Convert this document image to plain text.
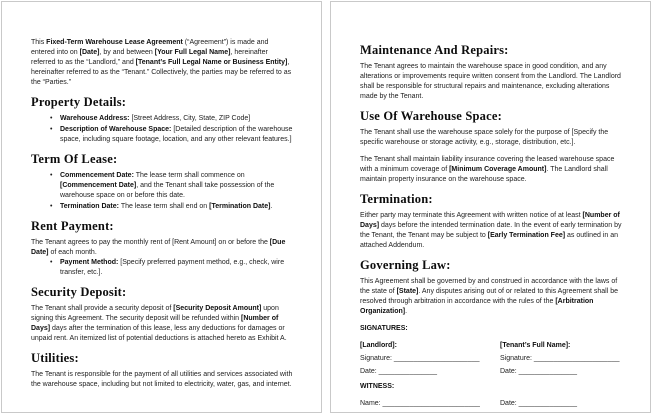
This Fixed-Term Warehouse Lease Agreement (“Agreement”) is made and entered into on [Date], by and between [Your Full Legal Name], hereinafter referred to as the “Landlord,” and [Tenant’s Full Legal Name or Business Entity], hereinafter referred to as the “Tenant.” Collectively, the parties may be referred to as the “Parties.”

Property Details:
•	Warehouse Address: [Street Address, City, State, ZIP Code]
•	Description of Warehouse Space: [Detailed description of the warehouse space, including square footage, location, and any other relevant features.]
Term Of Lease:
•	Commencement Date: The lease term shall commence on [Commencement Date], and the Tenant shall take possession of the warehouse space on or before this date.
•	Termination Date: The lease term shall end on [Termination Date].
Rent Payment:

The Tenant agrees to pay the monthly rent of [Rent Amount] on or before the [Due Date] of each month.

•	Payment Method: [Specify preferred payment method, e.g., check, wire transfer, etc.].
Security Deposit:

The Tenant shall provide a security deposit of [Security Deposit Amount] upon signing this Agreement. The security deposit will be refunded within [Number of Days] days after the termination of this lease, less any deductions for damages or unpaid rent. An itemized list of potential deductions is attached hereto as Exhibit A.

Utilities:

The Tenant is responsible for the payment of all utilities and services associated with the warehouse space, including but not limited to electricity, water, gas, and internet.

Maintenance And Repairs:

The Tenant agrees to maintain the warehouse space in good condition, and any alterations or improvements require written consent from the Landlord. The Landlord shall be responsible for structural repairs and maintenance, excluding alterations made by the Tenant.

Use Of Warehouse Space:

The Tenant shall use the warehouse space solely for the purpose of [Specify the specific warehouse or storage activity, e.g., storage, distribution, etc.].

The Tenant shall maintain liability insurance covering the leased warehouse space with a minimum coverage of [Minimum Coverage Amount]. The Landlord shall maintain property insurance on the warehouse space.

Termination:

Either party may terminate this Agreement with written notice of at least [Number of Days] days before the intended termination date. In the event of early termination by the Tenant, the Tenant may be subject to [Early Termination Fee] as outlined in an attached Addendum.

Governing Law:

This Agreement shall be governed by and construed in accordance with the laws of the state of [State]. Any disputes arising out of or related to this Agreement shall be resolved through arbitration in accordance with the rules of the [Arbitration Organization].

SIGNATURES:
[Landlord]:	[Tenant’s Full Name]:
Signature: ______________________	Signature: ______________________
Date: _______________	Date: _______________
WITNESS:
Name: _________________________	Date: _______________
